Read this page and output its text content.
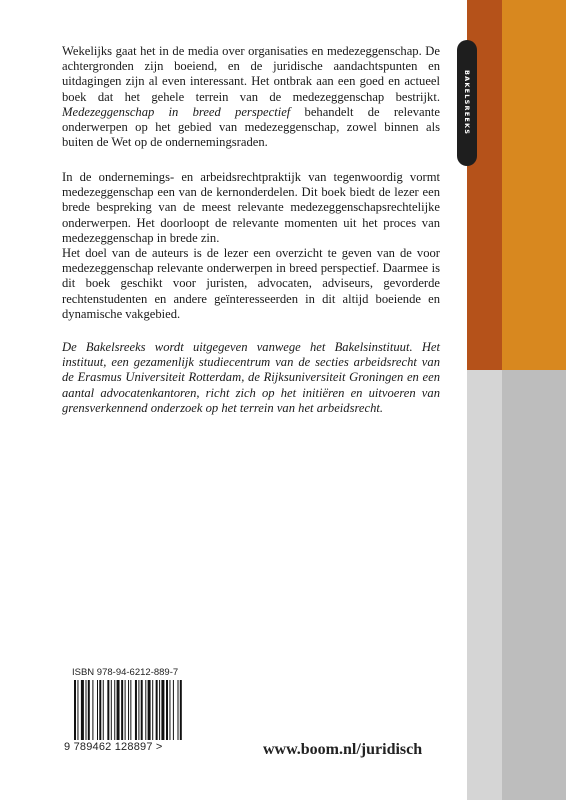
BAKELSREEKS

Wekelijks gaat het in de media over organisaties en medezeggenschap. De achtergronden zijn boeiend, en de juridische aandachtspunten en uitdagingen zijn al even interessant. Het ontbrak aan een goed en actueel boek dat het gehele terrein van de medezeggenschap bestrijkt. Medezeggenschap in breed perspectief behandelt de relevante onderwerpen op het gebied van medezeggenschap, zowel binnen als buiten de Wet op de ondernemingsraden.

In de ondernemings- en arbeidsrechtpraktijk van tegenwoordig vormt medezeggenschap een van de kernonderdelen. Dit boek biedt de lezer een brede bespreking van de meest relevante medezeggenschapsrechtelijke onderwerpen. Het doorloopt de relevante momenten uit het proces van medezeggenschap in brede zin.

Het doel van de auteurs is de lezer een overzicht te geven van de voor medezeggenschap relevante onderwerpen in breed perspectief. Daarmee is dit boek geschikt voor juristen, advocaten, adviseurs, gevorderde rechtenstudenten en andere geïnteresseerden in dit altijd boeiende en dynamische vakgebied.

De Bakelsreeks wordt uitgegeven vanwege het Bakelsinstituut. Het instituut, een gezamenlijk studiecentrum van de secties arbeidsrecht van de Erasmus Universiteit Rotterdam, de Rijksuniversiteit Groningen en een aantal advocatenkantoren, richt zich op het initiëren en uitvoeren van grensverkennend onderzoek op het terrein van het arbeidsrecht.

ISBN 978-94-6212-889-7
9 789462 128897 >	www.boom.nl/juridisch
